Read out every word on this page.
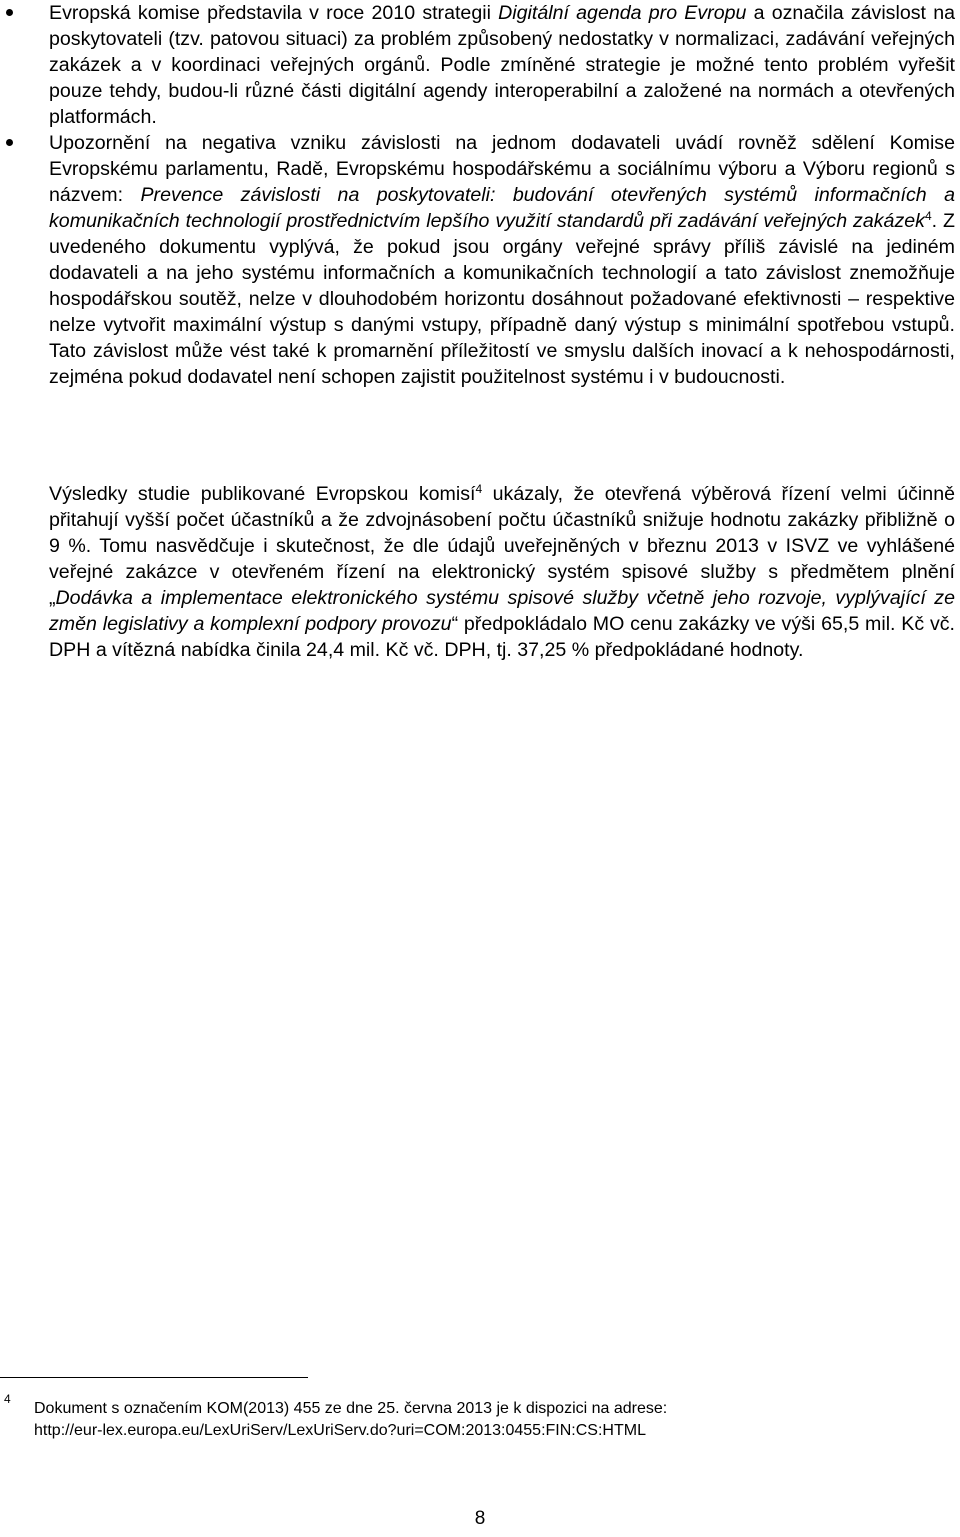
Evropská komise představila v roce 2010 strategii Digitální agenda pro Evropu a označila závislost na poskytovateli (tzv. patovou situaci) za problém způsobený nedostatky v normalizaci, zadávání veřejných zakázek a v koordinaci veřejných orgánů. Podle zmíněné strategie je možné tento problém vyřešit pouze tehdy, budou-li různé části digitální agendy interoperabilní a založené na normách a otevřených platformách.
Upozornění na negativa vzniku závislosti na jednom dodavateli uvádí rovněž sdělení Komise Evropskému parlamentu, Radě, Evropskému hospodářskému a sociálnímu výboru a Výboru regionů s názvem: Prevence závislosti na poskytovateli: budování otevřených systémů informačních a komunikačních technologií prostřednictvím lepšího využití standardů při zadávání veřejných zakázek$^4$. Z uvedeného dokumentu vyplývá, že pokud jsou orgány veřejné správy příliš závislé na jediném dodavateli a na jeho systému informačních a komunikačních technologií a tato závislost znemožňuje hospodářskou soutěž, nelze v dlouhodobém horizontu dosáhnout požadované efektivnosti – respektive nelze vytvořit maximální výstup s danými vstupy, případně daný výstup s minimální spotřebou vstupů. Tato závislost může vést také k promarnění příležitostí ve smyslu dalších inovací a k nehospodárnosti, zejména pokud dodavatel není schopen zajistit použitelnost systému i v budoucnosti.

Výsledky studie publikované Evropskou komisí$^4$ ukázaly, že otevřená výběrová řízení velmi účinně přitahují vyšší počet účastníků a že zdvojnásobení počtu účastníků snižuje hodnotu zakázky přibližně o 9 %. Tomu nasvědčuje i skutečnost, že dle údajů uveřejněných v březnu 2013 v ISVZ ve vyhlášené veřejné zakázce v otevřeném řízení na elektronický systém spisové služby s předmětem plnění „Dodávka a implementace elektronického systému spisové služby včetně jeho rozvoje, vyplývající ze změn legislativy a komplexní podpory provozu“ předpokládalo MO cenu zakázky ve výši 65,5 mil. Kč vč. DPH a vítězná nabídka činila 24,4 mil. Kč vč. DPH, tj. 37,25 % předpokládané hodnoty.

4

Dokument s označením KOM(2013) 455 ze dne 25. června 2013 je k dispozici na adrese:
http://eur-lex.europa.eu/LexUriServ/LexUriServ.do?uri=COM:2013:0455:FIN:CS:HTML

8
